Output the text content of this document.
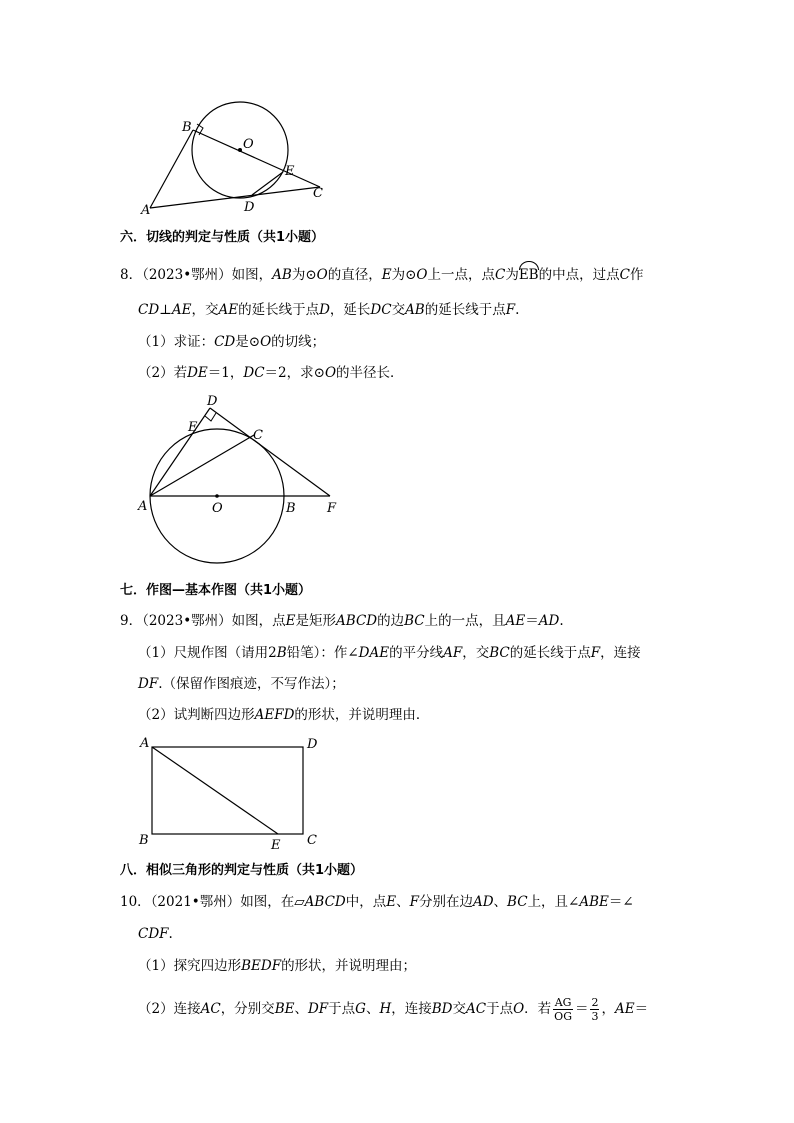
B
O
E
C
A	D
六．切线的判定与性质（共1小题）
8．（2023•鄂州）如图，AB为⊙O的直径，E为⊙O上一点，点C为EB的中点，过点C作
CD⊥AE，交AE的延长线于点D，延长DC交AB的延长线于点F.
（1）求证：CD是⊙O的切线；
（2）若DE＝1，DC＝2，求⊙O的半径长．
D
E
C
A	O	B F
七．作图—基本作图（共1小题）
9．（2023•鄂州）如图，点E是矩形ABCD的边BC上的一点，且AE＝AD.
（1）尺规作图（请用2B铅笔）：作∠DAE的平分线AF，交BC的延长线于点F，连接
DF.（保留作图痕迹，不写作法）；
（2）试判断四边形AEFD的形状，并说明理由．
A	D
B	E C
八．相似三角形的判定与性质（共1小题）
10．（2021•鄂州）如图，在▱ABCD中，点E、F分别在边AD、BC上，且∠ABE＝∠
CDF.
（1）探究四边形BEDF的形状，并说明理由；
（2）连接AC，分别交BE、DF于点G、H，连接BD交AC于点O．若 $\frac{AG}{OG} = \frac{2}{3}$ ，AE＝
